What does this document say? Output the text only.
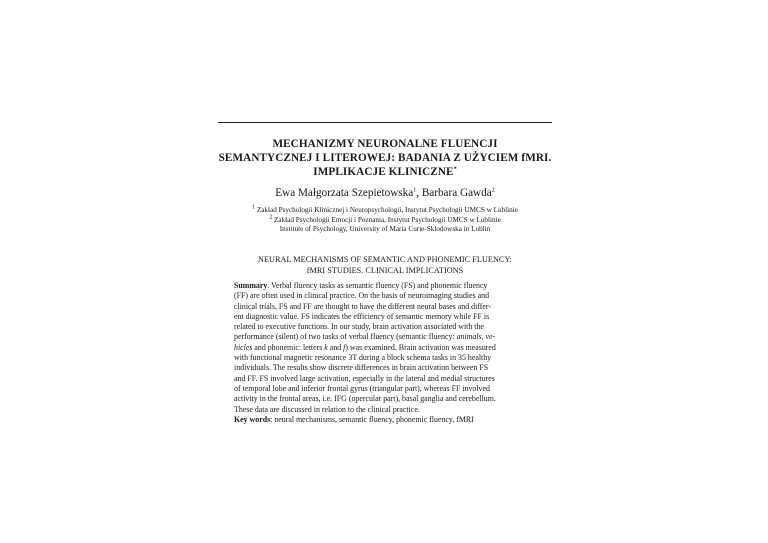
MECHANIZMY NEURONALNE FLUENCJI
SEMANTYCZNEJ I LITEROWEJ: BADANIA Z UŻYCIEM fMRI.
IMPLIKACJE KLINICZNE*
Ewa Małgorzata Szepietowska$^1$, Barbara Gawda$^2$
$^1$ Zakład Psychologii Klinicznej i Neuropsychologii, Instytut Psychologii UMCS w Lublinie
$^2$ Zakład Psychologii Emocji i Poznania, Instytut Psychologii UMCS w Lublinie
Institute of Psychology, University of Maria Curie-Sklodowska in Lublin
NEURAL MECHANISMS OF SEMANTIC AND PHONEMIC FLUENCY:
fMRI STUDIES. CLINICAL IMPLICATIONS
Summary. Verbal fluency tasks as semantic fluency (FS) and phonemic fluency
(FF) are often used in clinical practice. On the basis of neuroimaging studies and
clinical trials, FS and FF are thought to have the different neural bases and differ-
ent diagnostic value. FS indicates the efficiency of semantic memory while FF is
related to executive functions. In our study, brain activation associated with the
performance (silent) of two tasks of verbal fluency (semantic fluency: animals, ve-
hicles and phonemic: letters k and f) was examined. Brain activation was measured
with functional magnetic resonance 3T during a block schema tasks in 35 healthy
individuals. The results show discrete differences in brain activation between FS
and FF. FS involved large activation, especially in the lateral and medial structures
of temporal lobe and inferior frontal gyrus (triangular part), whereas FF involved
activity in the frontal areas, i.e. IFG (opercular part), basal ganglia and cerebellum.
These data are discussed in relation to the clinical practice.
Key words: neural mechanisms, semantic fluency, phonemic fluency, fMRI
